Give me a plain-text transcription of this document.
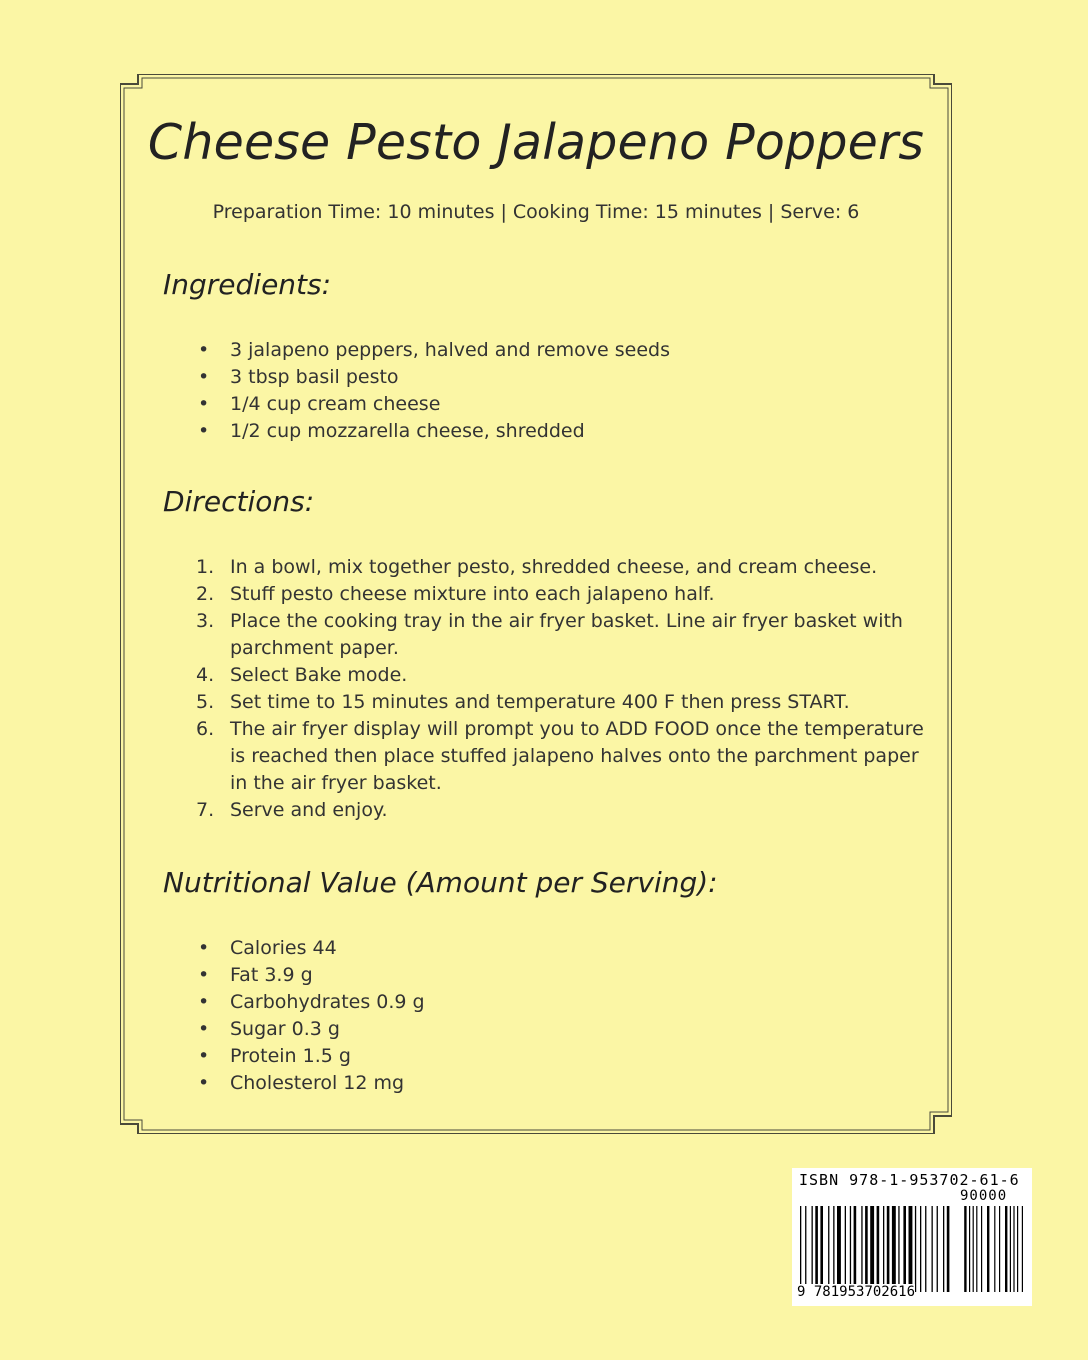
Cheese Pesto Jalapeno Poppers
Preparation Time: 10 minutes | Cooking Time: 15 minutes | Serve: 6
Ingredients:
• 3 jalapeno peppers, halved and remove seeds
• 3 tbsp basil pesto
• 1/4 cup cream cheese
• 1/2 cup mozzarella cheese, shredded
Directions:
1. In a bowl, mix together pesto, shredded cheese, and cream cheese.
2. Stuff pesto cheese mixture into each jalapeno half.
3. Place the cooking tray in the air fryer basket. Line air fryer basket with parchment paper.
4. Select Bake mode.
5. Set time to 15 minutes and temperature 400 F then press START.
6. The air fryer display will prompt you to ADD FOOD once the temperature is reached then place stuffed jalapeno halves onto the parchment paper in the air fryer basket.
7. Serve and enjoy.
Nutritional Value (Amount per Serving):
• Calories 44
• Fat 3.9 g
• Carbohydrates 0.9 g
• Sugar 0.3 g
• Protein 1.5 g
• Cholesterol 12 mg
ISBN 978-1-953702-61-6
90000
9 781953702616
